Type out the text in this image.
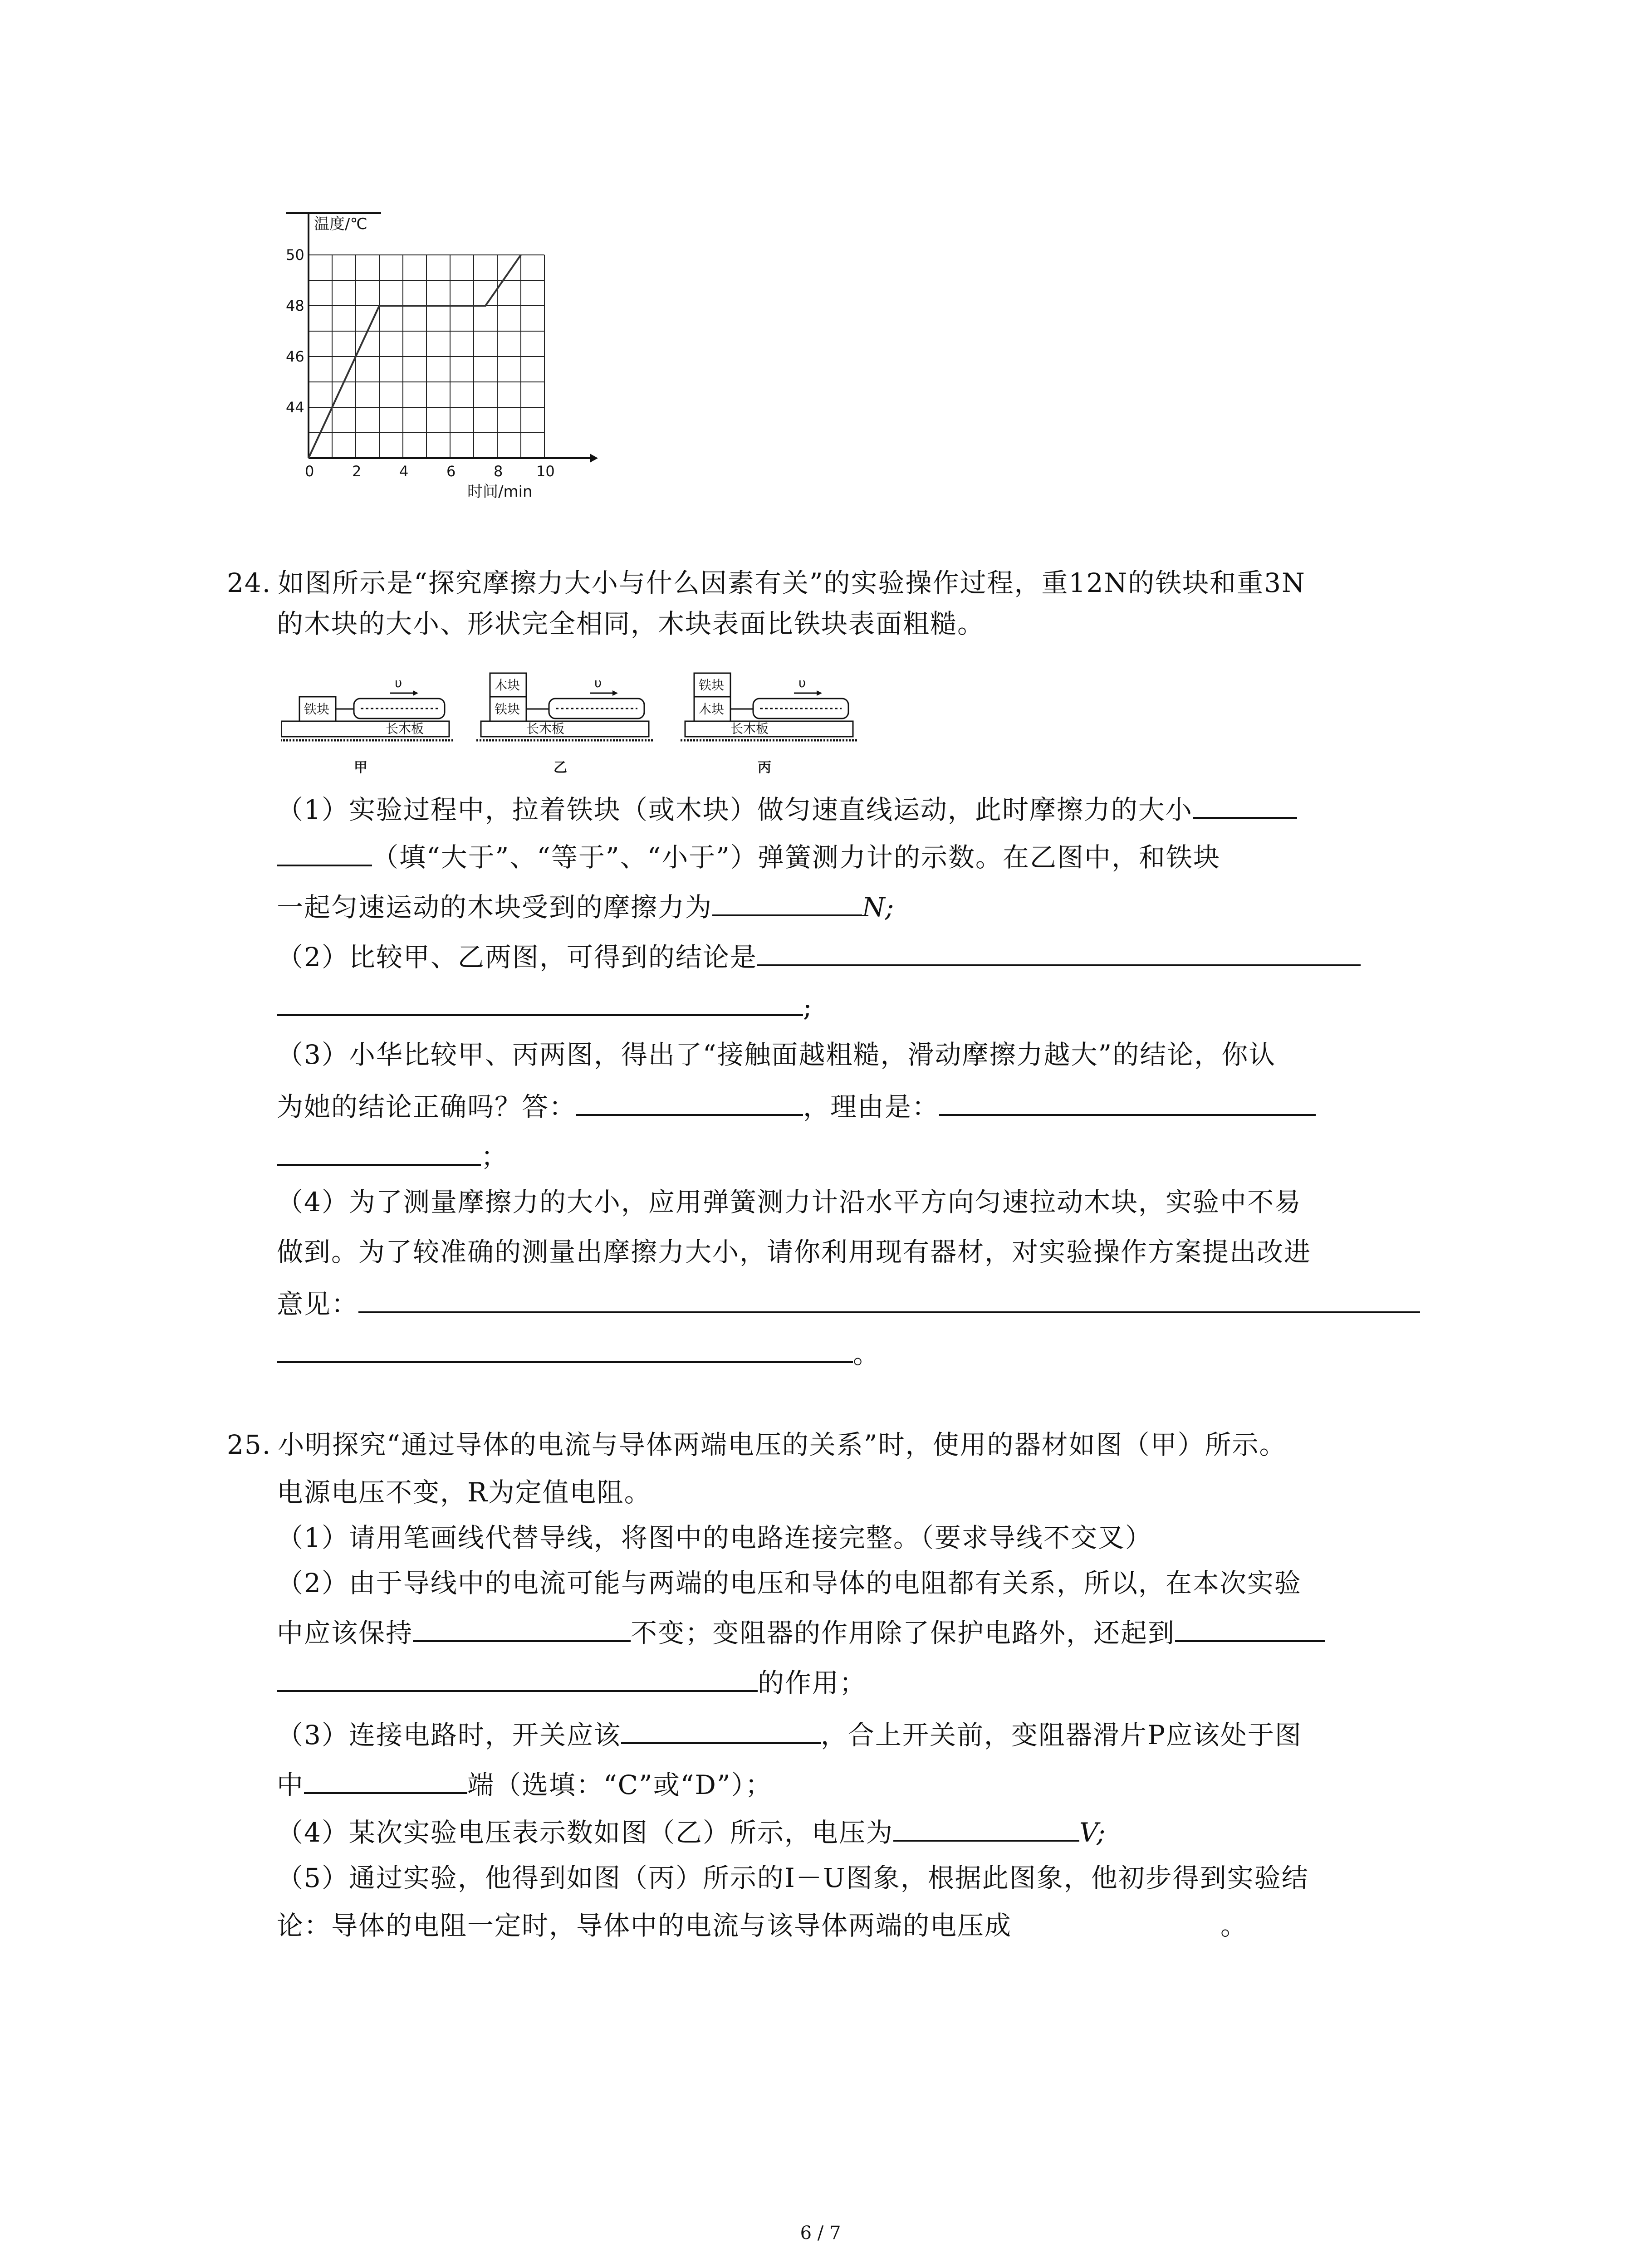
温度/℃
时间/min
0	2	4	6	8 10
44
46
48
50
24. 如图所示是“探究摩擦力大小与什么因素有关”的实验操作过程，重12N的铁块和重3N
的木块的大小、形状完全相同，木块表面比铁块表面粗糙。
长木板
铁块
υ
甲
长木板
木块
铁块
υ
乙
长木板
铁块
木块
υ
丙
（1）实验过程中，拉着铁块（或木块）做匀速直线运动，此时摩擦力的大小
（填“大于”、“等于”、“小于”）弹簧测力计的示数。在乙图中，和铁块
一起匀速运动的木块受到的摩擦力为	N;
（2）比较甲、乙两图，可得到的结论是
;
（3）小华比较甲、丙两图，得出了“接触面越粗糙，滑动摩擦力越大”的结论，你认
为她的结论正确吗？答：	，理由是：
；
（4）为了测量摩擦力的大小，应用弹簧测力计沿水平方向匀速拉动木块，实验中不易
做到。为了较准确的测量出摩擦力大小，请你利用现有器材，对实验操作方案提出改进
意见：
。
25. 小明探究“通过导体的电流与导体两端电压的关系”时，使用的器材如图（甲）所示。
电源电压不变，R为定值电阻。
（1）请用笔画线代替导线，将图中的电路连接完整。（要求导线不交叉）
（2）由于导线中的电流可能与两端的电压和导体的电阻都有关系，所以，在本次实验
中应该保持	不变；变阻器的作用除了保护电路外，还起到
的作用；
（3）连接电路时，开关应该	，合上开关前，变阻器滑片P应该处于图
中	端（选填：“C”或“D”）；
（4）某次实验电压表示数如图（乙）所示，电压为	V;
（5）通过实验，他得到如图（丙）所示的I－U图象，根据此图象，他初步得到实验结
论：导体的电阻一定时，导体中的电流与该导体两端的电压成	。
6 / 7
